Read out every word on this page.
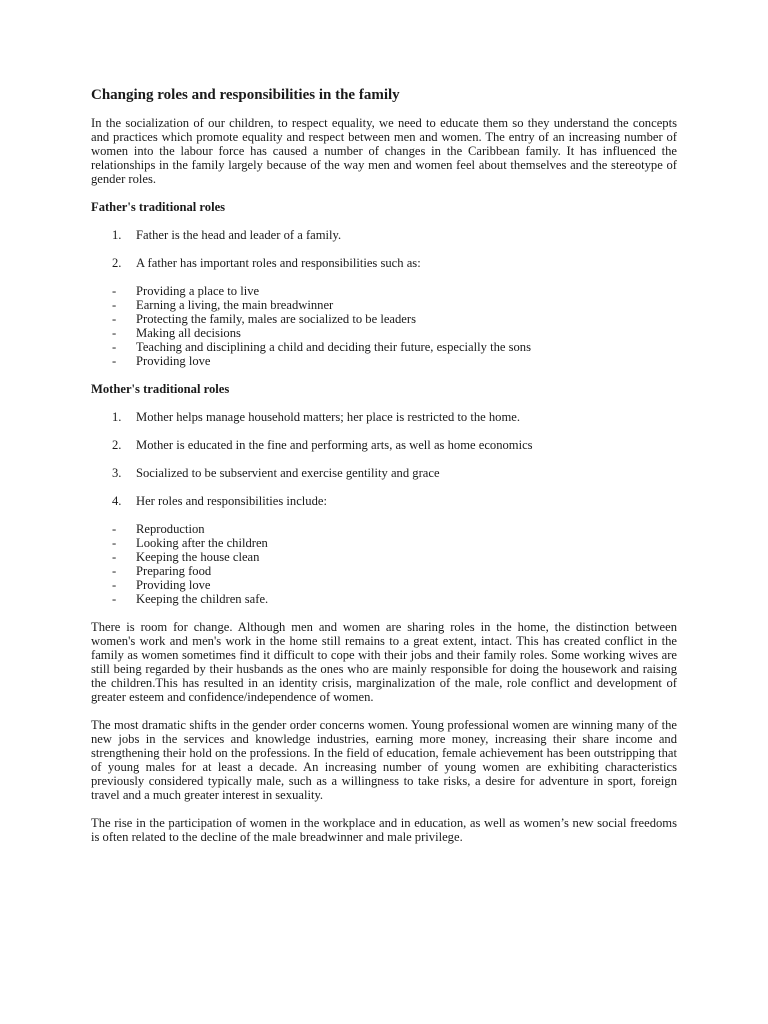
Changing roles and responsibilities in the family

In the socialization of our children, to respect equality, we need to educate them so they understand the concepts and practices which promote equality and respect between men and women. The entry of an increasing number of women into the labour force has caused a number of changes in the Caribbean family. It has influenced the relationships in the family largely because of the way men and women feel about themselves and the stereotype of gender roles.

Father's traditional roles

1. Father is the head and leader of a family.
2. A father has important roles and responsibilities such as:
- Providing a place to live
- Earning a living, the main breadwinner
- Protecting the family, males are socialized to be leaders
- Making all decisions
- Teaching and disciplining a child and deciding their future, especially the sons
- Providing love

Mother's traditional roles

1. Mother helps manage household matters; her place is restricted to the home.
2. Mother is educated in the fine and performing arts, as well as home economics
3. Socialized to be subservient and exercise gentility and grace
4. Her roles and responsibilities include:
- Reproduction
- Looking after the children
- Keeping the house clean
- Preparing food
- Providing love
- Keeping the children safe.

There is room for change. Although men and women are sharing roles in the home, the distinction between women's work and men's work in the home still remains to a great extent, intact. This has created conflict in the family as women sometimes find it difficult to cope with their jobs and their family roles. Some working wives are still being regarded by their husbands as the ones who are mainly responsible for doing the housework and raising the children.This has resulted in an identity crisis, marginalization of the male, role conflict and development of greater esteem and confidence/independence of women.

The most dramatic shifts in the gender order concerns women. Young professional women are winning many of the new jobs in the services and knowledge industries, earning more money, increasing their share income and strengthening their hold on the professions. In the field of education, female achievement has been outstripping that of young males for at least a decade. An increasing number of young women are exhibiting characteristics previously considered typically male, such as a willingness to take risks, a desire for adventure in sport, foreign travel and a much greater interest in sexuality.

The rise in the participation of women in the workplace and in education, as well as women’s new social freedoms is often related to the decline of the male breadwinner and male privilege.
